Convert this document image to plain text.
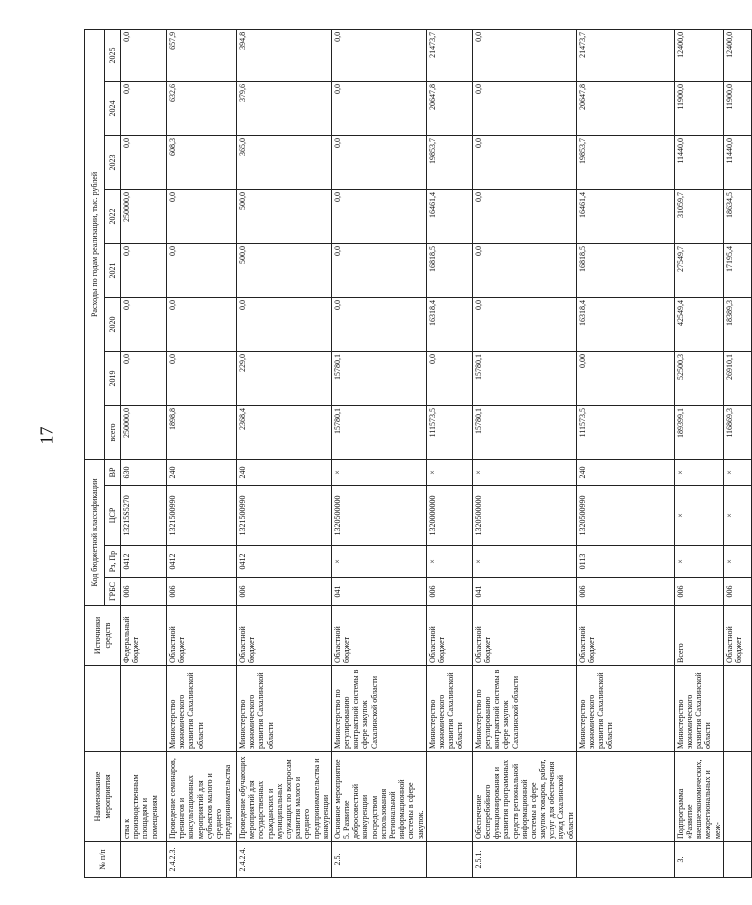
17
№ п/п	Наименование мероприятия		Источники средств	Код бюджетной классификации				Расходы по годам реализации, тыс. рублей							
				ГРБС	Рз, Пр	ЦСР	ВР	всего	2019	2020	2021	2022	2023	2024	2025
	ства к производственным площадям и помещениям		Федеральный бюджет	006	0412	13215S5270	630	250000,0	0,0	0,0	0,0	250000,0	0,0	0,0	0,0
2.4.2.3.	Проведение семинаров, тренингов и консультационных мероприятий для субъектов малого и среднего предпринимательства	Министерство экономического развития Сахалинской области	Областной бюджет	006	0412	1321500990	240	1898,8	0,0	0,0	0,0	0,0	608,3	632,6	657,9
2.4.2.4.	Проведение обучающих мероприятий для государственных гражданских и муниципальных служащих по вопросам развития малого и среднего предпринимательства и конкуренции	Министерство экономического развития Сахалинской области	Областной бюджет	006	0412	1321500990	240	2368,4	229,0	0,0	500,0	500,0	365,0	379,6	394,8
2.5.	Основное мероприятие 5. Развитие добросовестной конкуренции посредством использования Региональной информационной системы в сфере закупок.	Министерство по регулированию контрактной системы в сфере закупок Сахалинской области	Областной бюджет	041	×	1320500000	×	15780,1	15780,1	0,0	0,0	0,0	0,0	0,0	0,0
		Министерство экономического развития Сахалинской области	Областной бюджет	006	×	1320000000	×	111573,5	0,0	16318,4	16818,5	16461,4	19853,7	20647,8	21473,7
2.5.1.	Обеспечение бесперебойного функционирования и развития программных средств региональной информационной системы в сфере закупок товаров, работ, услуг для обеспечения нужд Сахалинской области	Министерство по регулированию контрактной системы в сфере закупок Сахалинской области	Областной бюджет	041	×	1320500000	×	15780,1	15780,1	0,0	0,0	0,0	0,0	0,0	0,0
		Министерство экономического развития Сахалинской области	Областной бюджет	006	0113	1320500990	240	111573,5	0,00	16318,4	16818,5	16461,4	19853,7	20647,8	21473,7
3.	Подпрограмма «Развитие внешнеэкономических, межрегиональных и меж-	Министерство экономического развития Сахалинской области	Всего	006	×	×	×	189399,1	52500,3	42549,4	27549,7	31059,7	11440,0	11900,0	12400,0
			Областной бюджет	006	×	×	×	116869,3	26910,1	18389,3	17195,4	18634,5	11440,0	11900,0	12400,0
